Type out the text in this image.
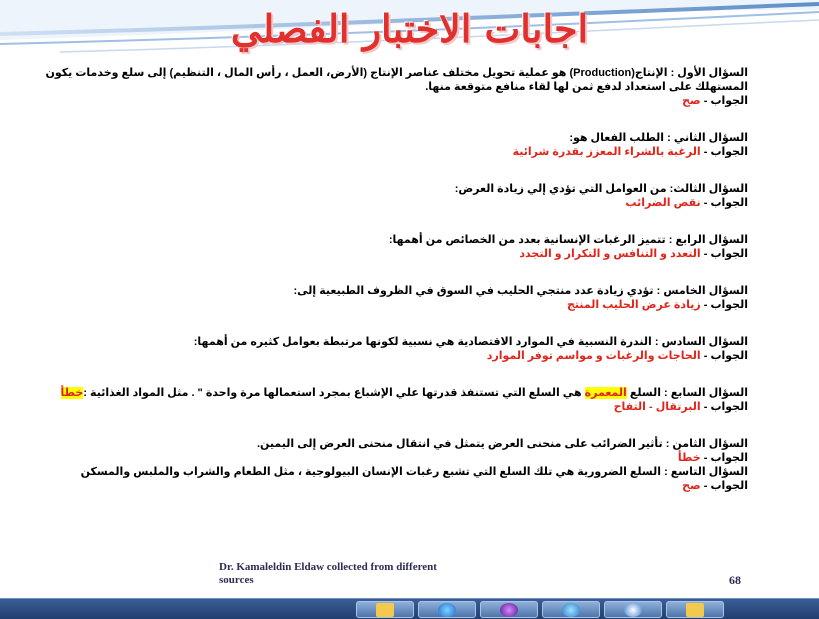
اجابات الاختبار الفصلي
السؤال الأول : الإنتاج(Production) هو عملية تحويل مختلف عناصر الإنتاج (الأرض، العمل ، رأس المال ، التنظيم) إلى سلع وخدمات يكون المستهلك على استعداد لدفع ثمن لها لقاء منافع متوقعة منها.
الجواب - صح
السؤال الثاني : الطلب الفعال هو:
الجواب - الرغبة بالشراء المعزز بقدرة شرائية
السؤال الثالث: من العوامل التي تؤدي إلي زيادة العرض:
الجواب - نقص الضرائب
السؤال الرابع : تتميز الرغبات الإنسانية بعدد من الخصائص من أهمها:
الجواب - التعدد و التنافس و التكرار و التجدد
السؤال الخامس : تؤدي زيادة عدد منتجي الحليب في السوق في الظروف الطبيعية إلى:
الجواب - زيادة عرض الحليب المنتج
السؤال السادس : الندرة النسبية في الموارد الاقتصادية هي نسبية لكونها مرتبطة بعوامل كثيره من أهمها:
الجواب - الحاجات والرغبات و مواسم توفر الموارد
السؤال السابع : السلع المعمرة هي السلع التي تستنفذ قدرتها علي الإشباع بمجرد استعمالها مرة واحدة " . مثل المواد الغذائية :خطأ
الجواب - البرتقال - التفاح
السؤال الثامن : تأثير الضرائب على منحنى العرض يتمثل في انتقال منحنى العرض إلى اليمين.
الجواب - خطأ
السؤال التاسع : السلع الضرورية هي تلك السلع التي تشبع رغبات الإنسان البيولوجية ، مثل الطعام والشراب والملبس والمسكن
الجواب - صح
Dr. Kamaleldin Eldaw collected from different
sources	68
